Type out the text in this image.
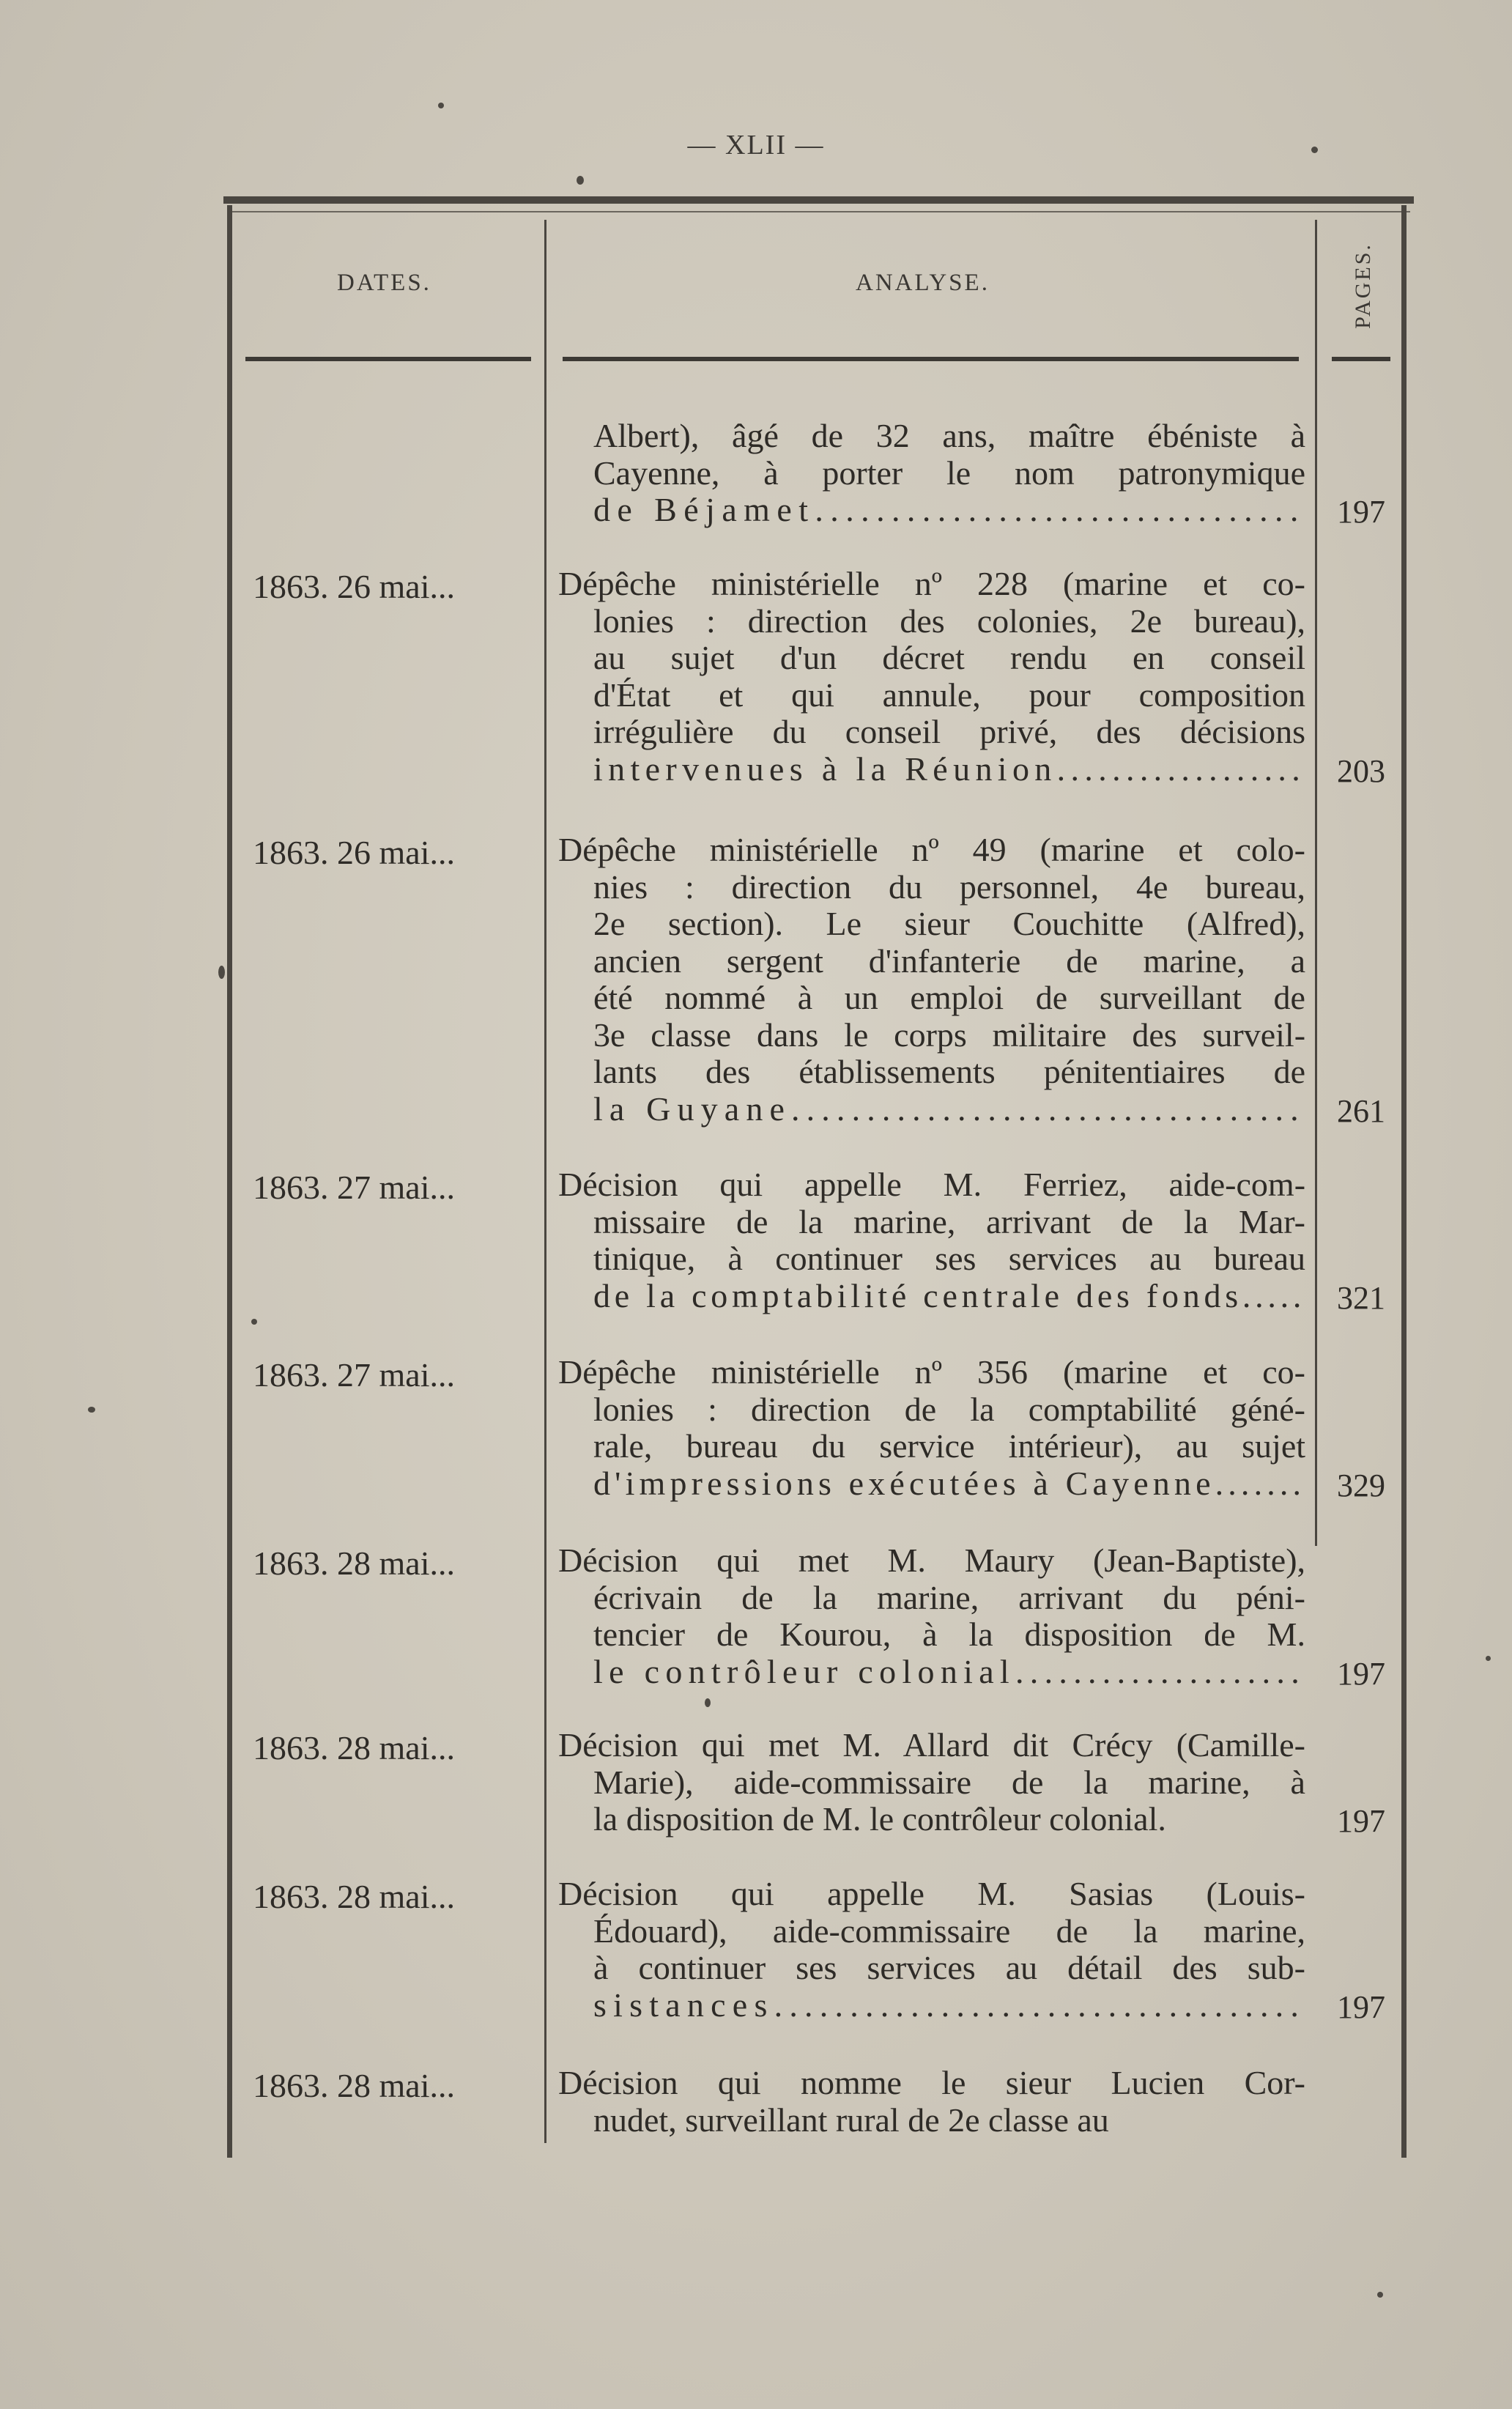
— XLII —
DATES.	ANALYSE.	PAGES.
Albert), âgé de 32 ans, maître ébéniste à
Cayenne, à porter le nom patronymique
de Béjamet................................ 197
1863. 26 mai...	Dépêche ministérielle nº 228 (marine et co-
lonies : direction des colonies, 2e bureau),
au sujet d'un décret rendu en conseil
d'État et qui annule, pour composition
irrégulière du conseil privé, des décisions
intervenues à la Réunion.................. 203
1863. 26 mai...	Dépêche ministérielle nº 49 (marine et colo-
nies : direction du personnel, 4e bureau,
2e section). Le sieur Couchitte (Alfred),
ancien sergent d'infanterie de marine, a
été nommé à un emploi de surveillant de
3e classe dans le corps militaire des surveil-
lants des établissements pénitentiaires de
la Guyane.................................. 261
1863. 27 mai...	Décision qui appelle M. Ferriez, aide-com-
missaire de la marine, arrivant de la Mar-
tinique, à continuer ses services au bureau
de la comptabilité centrale des fonds..... 321
1863. 27 mai...	Dépêche ministérielle nº 356 (marine et co-
lonies : direction de la comptabilité géné-
rale, bureau du service intérieur), au sujet
d'impressions exécutées à Cayenne....... 329
1863. 28 mai...	Décision qui met M. Maury (Jean-Baptiste),
écrivain de la marine, arrivant du péni-
tencier de Kourou, à la disposition de M.
le contrôleur colonial.................... 197
1863. 28 mai...	Décision qui met M. Allard dit Crécy (Camille-
Marie), aide-commissaire de la marine, à
la disposition de M. le contrôleur colonial.	197
1863. 28 mai...	Décision qui appelle M. Sasias (Louis-
Édouard), aide-commissaire de la marine,
à continuer ses services au détail des sub-
sistances................................... 197
1863. 28 mai...	Décision qui nomme le sieur Lucien Cor-
nudet, surveillant rural de 2e classe au
